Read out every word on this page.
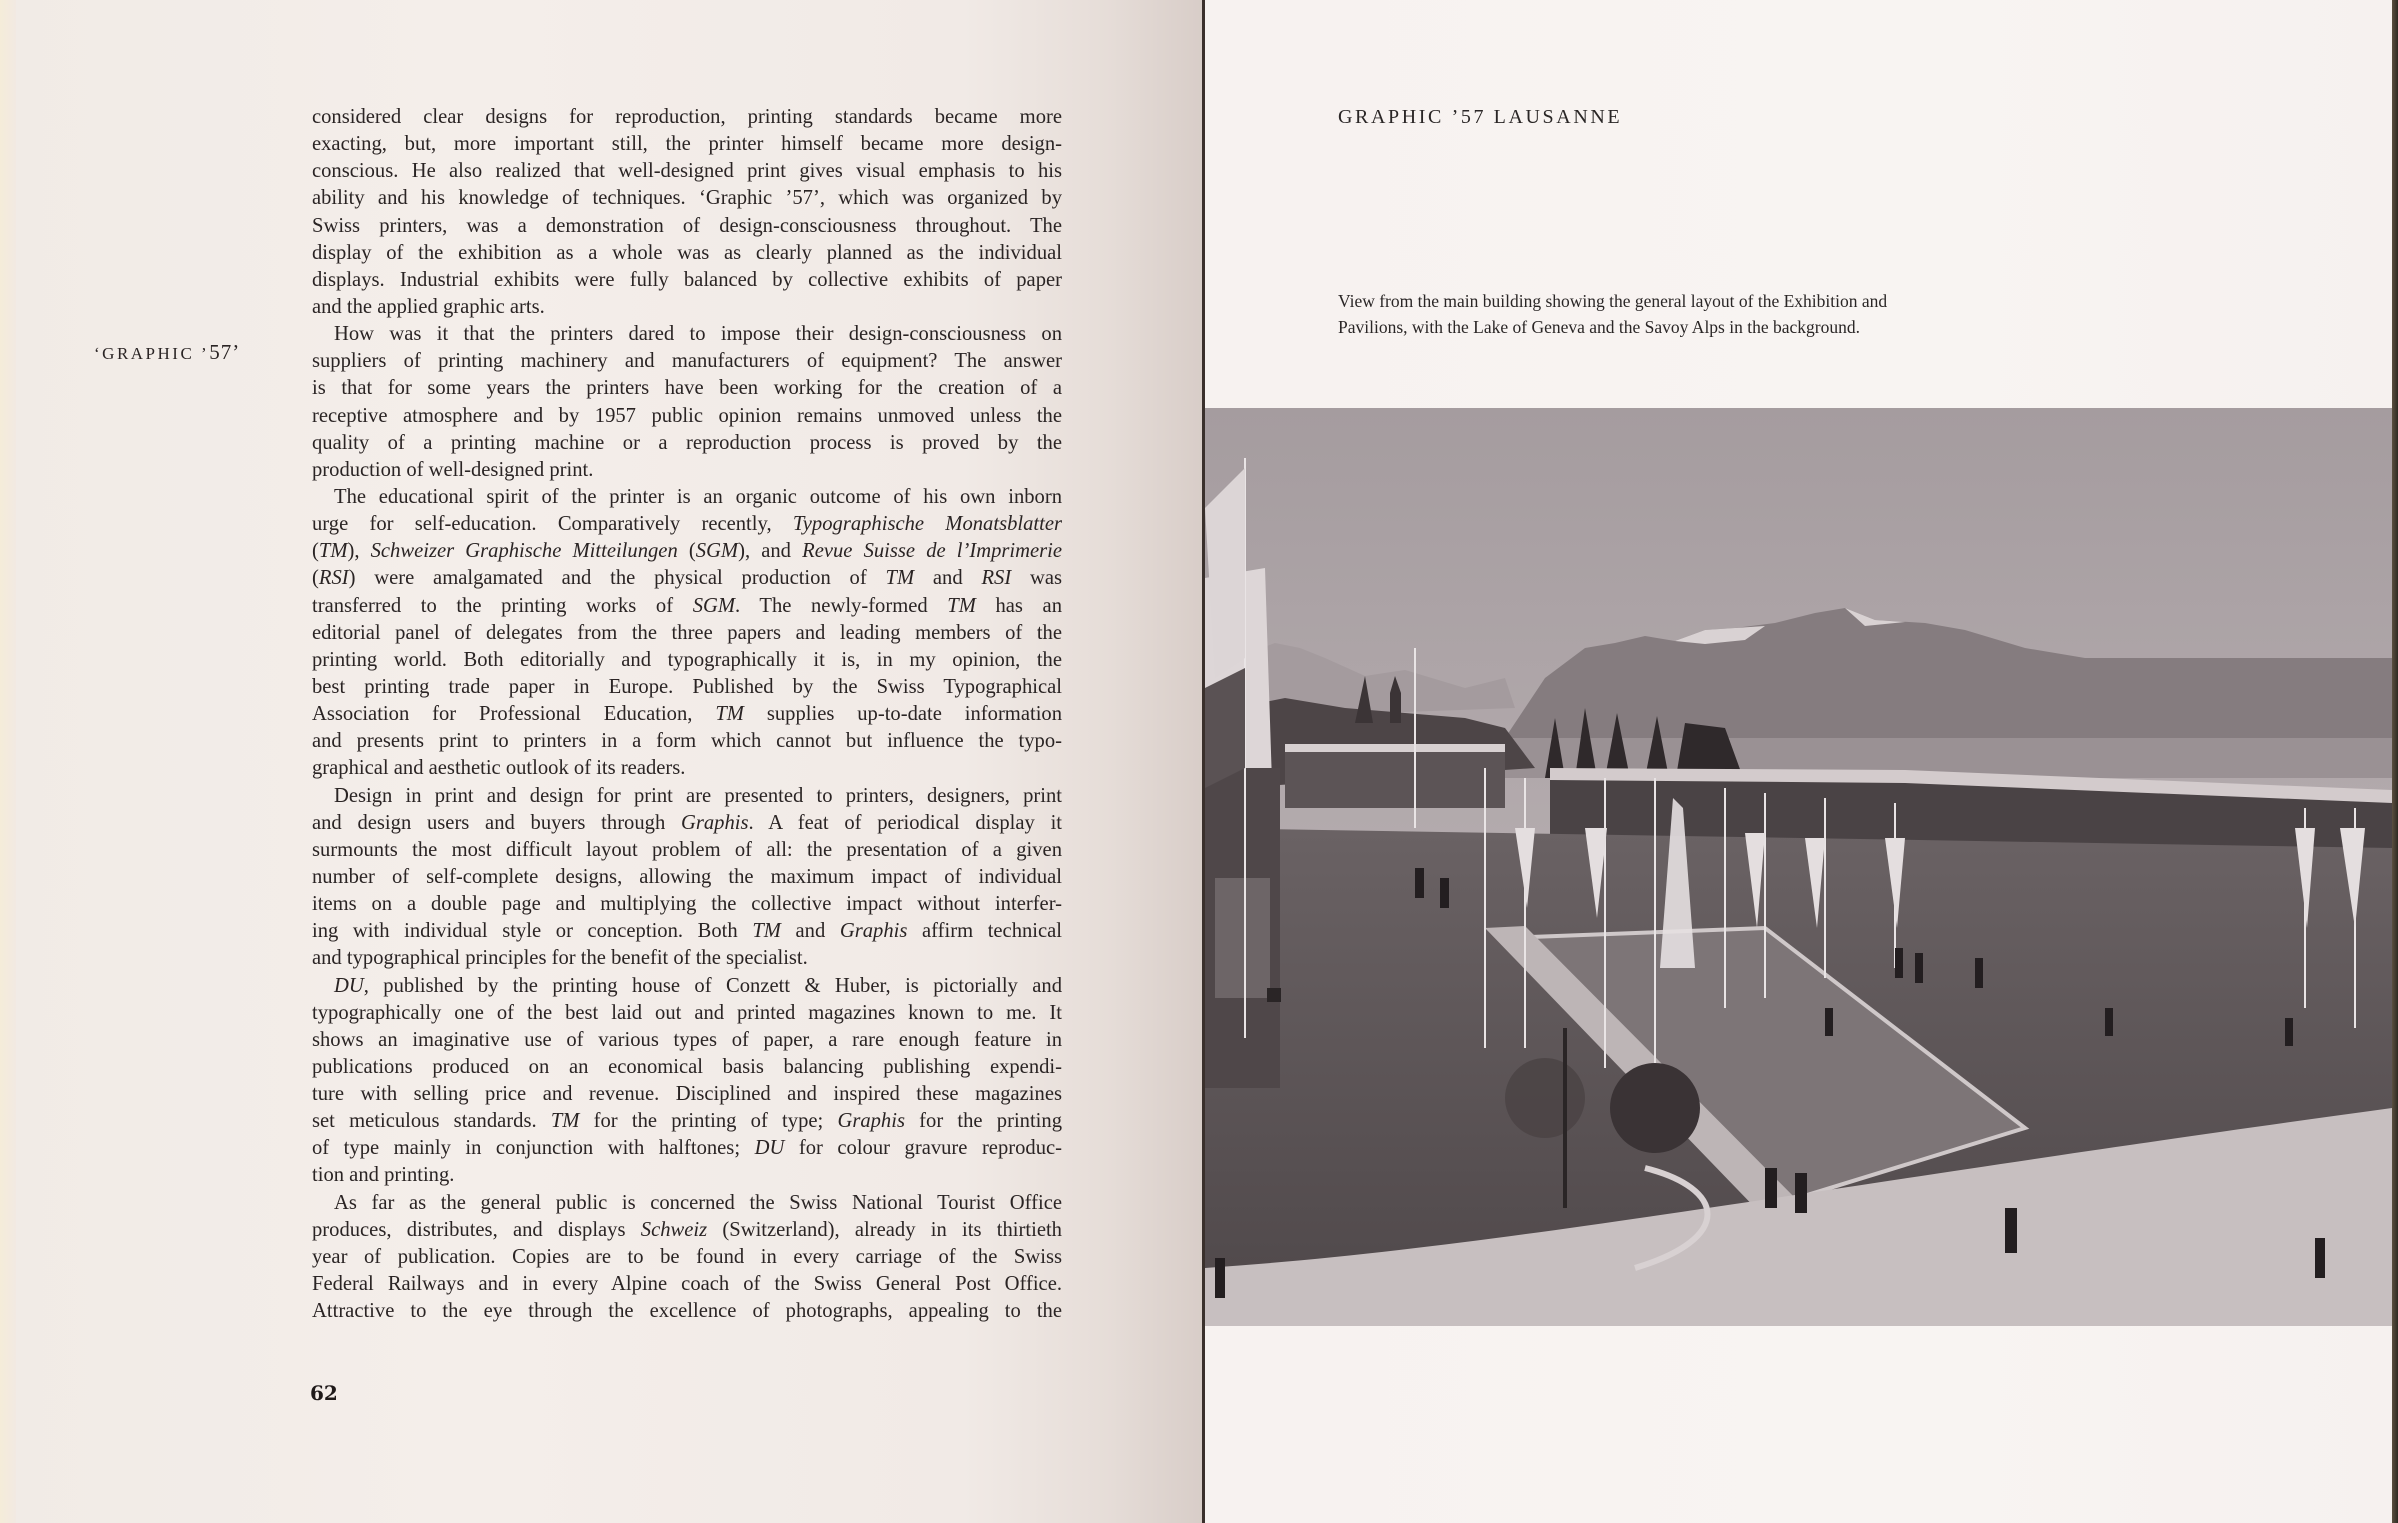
‘GRAPHIC ’57’
considered clear designs for reproduction, printing standards became more
exacting, but, more important still, the printer himself became more design-
conscious. He also realized that well-designed print gives visual emphasis to his
ability and his knowledge of techniques. ‘Graphic ’57’, which was organized by
Swiss printers, was a demonstration of design-consciousness throughout. The
display of the exhibition as a whole was as clearly planned as the individual
displays. Industrial exhibits were fully balanced by collective exhibits of paper
and the applied graphic arts.
How was it that the printers dared to impose their design-consciousness on
suppliers of printing machinery and manufacturers of equipment? The answer
is that for some years the printers have been working for the creation of a
receptive atmosphere and by 1957 public opinion remains unmoved unless the
quality of a printing machine or a reproduction process is proved by the
production of well-designed print.
The educational spirit of the printer is an organic outcome of his own inborn
urge for self-education. Comparatively recently, Typographische Monatsblatter
(TM), Schweizer Graphische Mitteilungen (SGM), and Revue Suisse de l’Imprimerie
(RSI) were amalgamated and the physical production of TM and RSI was
transferred to the printing works of SGM. The newly-formed TM has an
editorial panel of delegates from the three papers and leading members of the
printing world. Both editorially and typographically it is, in my opinion, the
best printing trade paper in Europe. Published by the Swiss Typographical
Association for Professional Education, TM supplies up-to-date information
and presents print to printers in a form which cannot but influence the typo-
graphical and aesthetic outlook of its readers.
Design in print and design for print are presented to printers, designers, print
and design users and buyers through Graphis. A feat of periodical display it
surmounts the most difficult layout problem of all: the presentation of a given
number of self-complete designs, allowing the maximum impact of individual
items on a double page and multiplying the collective impact without interfer-
ing with individual style or conception. Both TM and Graphis affirm technical
and typographical principles for the benefit of the specialist.
DU, published by the printing house of Conzett & Huber, is pictorially and
typographically one of the best laid out and printed magazines known to me. It
shows an imaginative use of various types of paper, a rare enough feature in
publications produced on an economical basis balancing publishing expendi-
ture with selling price and revenue. Disciplined and inspired these magazines
set meticulous standards. TM for the printing of type; Graphis for the printing
of type mainly in conjunction with halftones; DU for colour gravure reproduc-
tion and printing.
As far as the general public is concerned the Swiss National Tourist Office
produces, distributes, and displays Schweiz (Switzerland), already in its thirtieth
year of publication. Copies are to be found in every carriage of the Swiss
Federal Railways and in every Alpine coach of the Swiss General Post Office.
Attractive to the eye through the excellence of photographs, appealing to the
62
GRAPHIC ’57 LAUSANNE
View from the main building showing the general layout of the Exhibition and
Pavilions, with the Lake of Geneva and the Savoy Alps in the background.
